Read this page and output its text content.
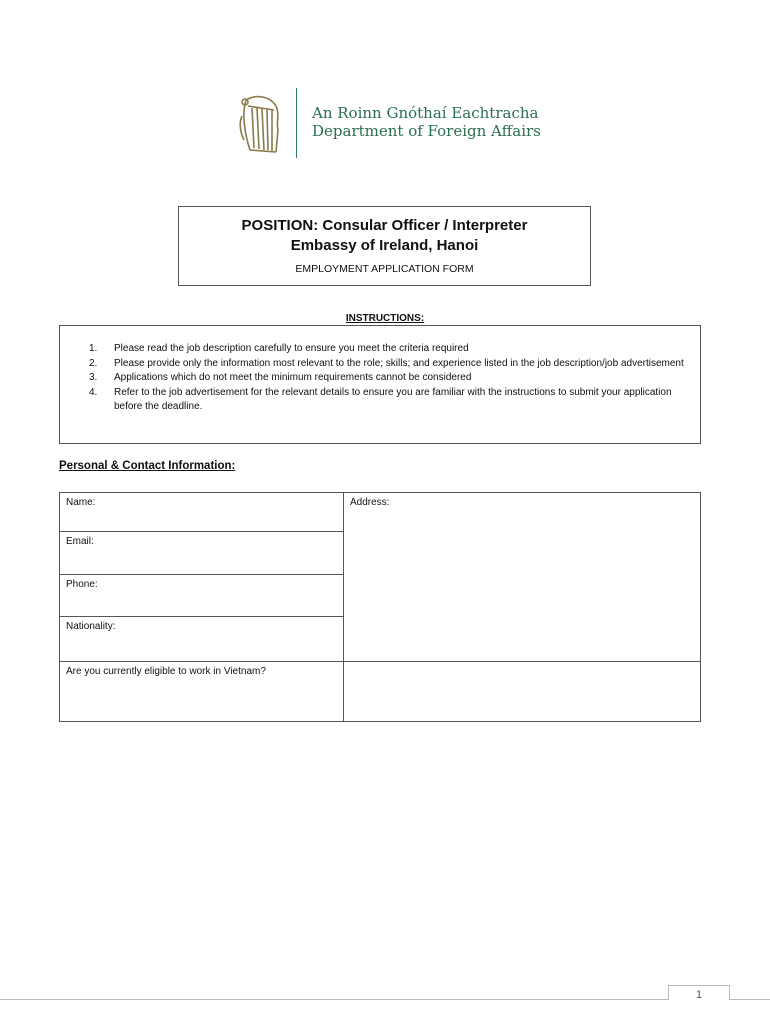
An Roinn Gnóthaí Eachtracha
Department of Foreign Affairs
POSITION: Consular Officer / Interpreter
Embassy of Ireland, Hanoi
EMPLOYMENT APPLICATION FORM
INSTRUCTIONS:
1. Please read the job description carefully to ensure you meet the criteria required
2. Please provide only the information most relevant to the role; skills; and experience listed in the job description/job advertisement
3. Applications which do not meet the minimum requirements cannot be considered
4. Refer to the job advertisement for the relevant details to ensure you are familiar with the instructions to submit your application before the deadline.
Personal & Contact Information:
Name:
Email:
Phone:
Nationality:
Address:
Are you currently eligible to work in Vietnam?
1
